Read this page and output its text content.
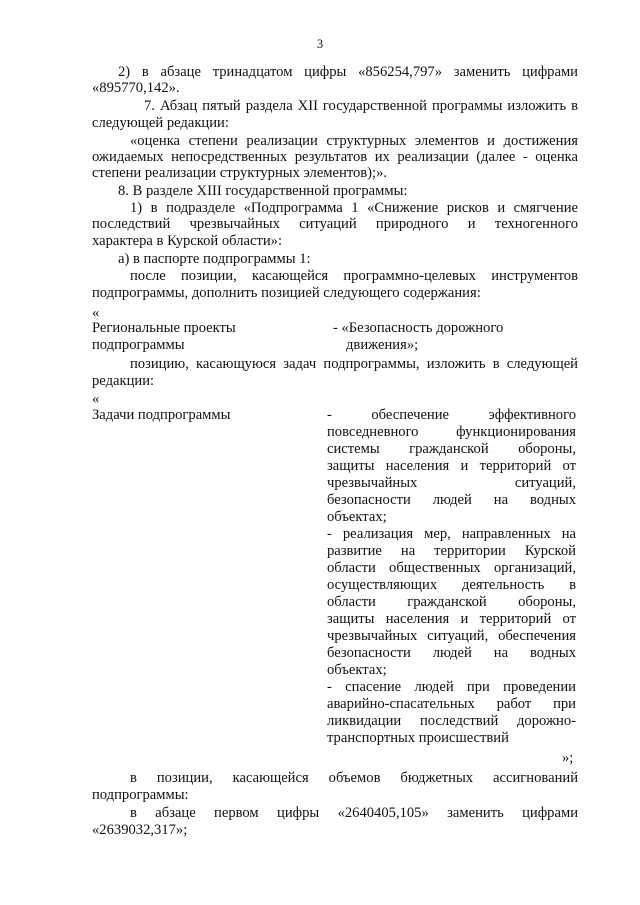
3
2) в абзаце тринадцатом цифры «856254,797» заменить цифрами
«895770,142».
7. Абзац пятый раздела XII государственной программы изложить в
следующей редакции:
«оценка степени реализации структурных элементов и достижения
ожидаемых непосредственных результатов их реализации (далее - оценка
степени реализации структурных элементов);».
8. В разделе XIII государственной программы:
1) в подразделе «Подпрограмма 1 «Снижение рисков и смягчение
последствий чрезвычайных ситуаций природного и техногенного
характера в Курской области»:
а) в паспорте подпрограммы 1:
после позиции, касающейся программно-целевых инструментов
подпрограммы, дополнить позицией следующего содержания:
«
Региональные проекты
подпрограммы
- «Безопасность дорожного
движения»;
позицию, касающуюся задач подпрограммы, изложить в следующей
редакции:
«
Задачи подпрограммы	- обеспечение эффективного
повседневного функционирования
системы гражданской обороны,
защиты населения и территорий от
чрезвычайных ситуаций,
безопасности людей на водных
объектах;
- реализация мер, направленных на
развитие на территории Курской
области общественных организаций,
осуществляющих деятельность в
области гражданской обороны,
защиты населения и территорий от
чрезвычайных ситуаций, обеспечения
безопасности людей на водных
объектах;
- спасение людей при проведении
аварийно-спасательных работ при
ликвидации последствий дорожно-
транспортных происшествий
»;
в позиции, касающейся объемов бюджетных ассигнований
подпрограммы:
в абзаце первом цифры «2640405,105» заменить цифрами
«2639032,317»;
